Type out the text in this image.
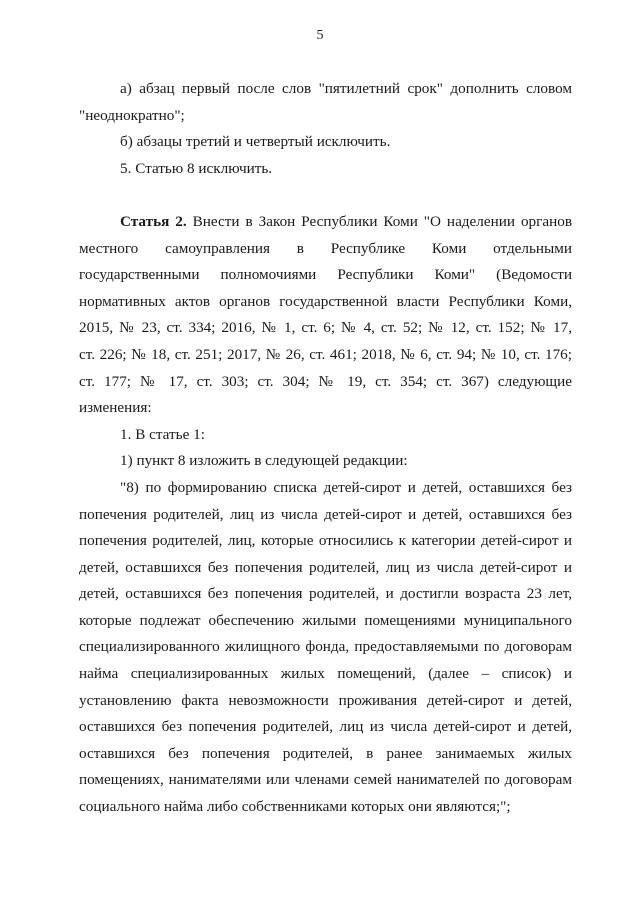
5
а) абзац первый после слов "пятилетний срок" дополнить словом
"неоднократно";
б) абзацы третий и четвертый исключить.
5. Статью 8 исключить.
Статья 2. Внести в Закон Республики Коми "О наделении органов
местного самоуправления в Республике Коми отдельными
государственными полномочиями Республики Коми" (Ведомости
нормативных актов органов государственной власти Республики Коми,
2015, № 23, ст. 334; 2016, № 1, ст. 6; № 4, ст. 52; № 12, ст. 152; № 17,
ст. 226; № 18, ст. 251; 2017, № 26, ст. 461; 2018, № 6, ст. 94; № 10, ст. 176;
ст. 177; № 17, ст. 303; ст. 304; № 19, ст. 354; ст. 367) следующие
изменения:
1. В статье 1:
1) пункт 8 изложить в следующей редакции:
"8) по формированию списка детей-сирот и детей, оставшихся без
попечения родителей, лиц из числа детей-сирот и детей, оставшихся без
попечения родителей, лиц, которые относились к категории детей-сирот и
детей, оставшихся без попечения родителей, лиц из числа детей-сирот и
детей, оставшихся без попечения родителей, и достигли возраста 23 лет,
которые подлежат обеспечению жилыми помещениями муниципального
специализированного жилищного фонда, предоставляемыми по договорам
найма специализированных жилых помещений, (далее – список) и
установлению факта невозможности проживания детей-сирот и детей,
оставшихся без попечения родителей, лиц из числа детей-сирот и детей,
оставшихся без попечения родителей, в ранее занимаемых жилых
помещениях, нанимателями или членами семей нанимателей по договорам
социального найма либо собственниками которых они являются;";
